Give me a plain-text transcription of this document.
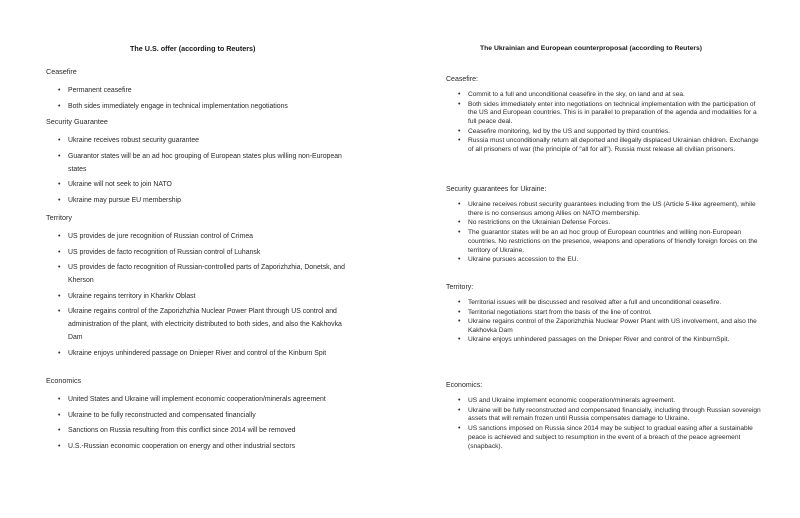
The U.S. offer (according to Reuters)
Ceasefire
• Permanent ceasefire
• Both sides immediately engage in technical implementation negotiations
Security Guarantee
• Ukraine receives robust security guarantee
• Guarantor states will be an ad hoc grouping of European states plus willing non-European states
• Ukraine will not seek to join NATO
• Ukraine may pursue EU membership
Territory
• US provides de jure recognition of Russian control of Crimea
• US provides de facto recognition of Russian control of Luhansk
• US provides de facto recognition of Russian-controlled parts of Zaporizhzhia, Donetsk, and Kherson
• Ukraine regains territory in Kharkiv Oblast
• Ukraine regains control of the Zaporizhzhia Nuclear Power Plant through US control and administration of the plant, with electricity distributed to both sides, and also the Kakhovka Dam
• Ukraine enjoys unhindered passage on Dnieper River and control of the Kinburn Spit
Economics
• United States and Ukraine will implement economic cooperation/minerals agreement
• Ukraine to be fully reconstructed and compensated financially
• Sanctions on Russia resulting from this conflict since 2014 will be removed
• U.S.-Russian economic cooperation on energy and other industrial sectors
The Ukrainian and European counterproposal (according to Reuters)
Ceasefire:
• Commit to a full and unconditional ceasefire in the sky, on land and at sea.
• Both sides immediately enter into negotiations on technical implementation with the participation of the US and European countries. This is in parallel to preparation of the agenda and modalities for a full peace deal.
• Ceasefire monitoring, led by the US and supported by third countries.
• Russia must unconditionally return all deported and illegally displaced Ukrainian children. Exchange of all prisoners of war (the principle of "all for all"). Russia must release all civilian prisoners.
Security guarantees for Ukraine:
• Ukraine receives robust security guarantees including from the US (Article 5-like agreement), while there is no consensus among Allies on NATO membership.
• No restrictions on the Ukrainian Defense Forces.
• The guarantor states will be an ad hoc group of European countries and willing non-European countries. No restrictions on the presence, weapons and operations of friendly foreign forces on the territory of Ukraine.
• Ukraine pursues accession to the EU.
Territory:
• Territorial issues will be discussed and resolved after a full and unconditional ceasefire.
• Territorial negotiations start from the basis of the line of control.
• Ukraine regains control of the Zaporizhzhia Nuclear Power Plant with US involvement, and also the Kakhovka Dam
• Ukraine enjoys unhindered passages on the Dnieper River and control of the KinburnSpit.
Economics:
• US and Ukraine implement economic cooperation/minerals agreement.
• Ukraine will be fully reconstructed and compensated financially, including through Russian sovereign assets that will remain frozen until Russia compensates damage to Ukraine.
• US sanctions imposed on Russia since 2014 may be subject to gradual easing after a sustainable peace is achieved and subject to resumption in the event of a breach of the peace agreement (snapback).
